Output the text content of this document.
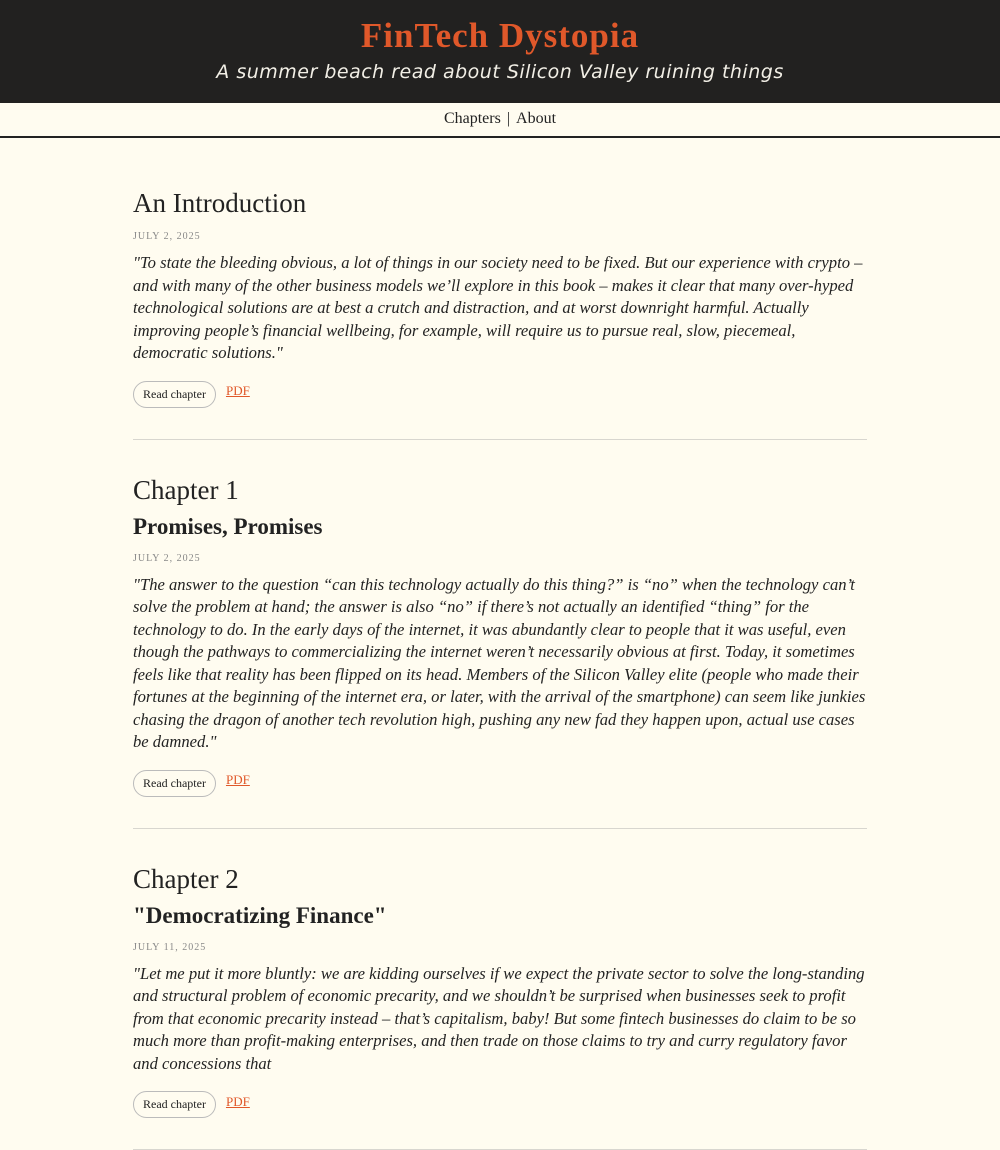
FinTech Dystopia

A summer beach read about Silicon Valley ruining things

Chapters | About
An Introduction
JULY 2, 2025

"To state the bleeding obvious, a lot of things in our society need to be fixed. But our experience with crypto – and with many of the other business models we’ll explore in this book – makes it clear that many over-hyped technological solutions are at best a crutch and distraction, and at worst downright harmful. Actually improving people’s financial wellbeing, for example, will require us to pursue real, slow, piecemeal, democratic solutions."

Read chapter	PDF
Chapter 1
Promises, Promises
JULY 2, 2025

"The answer to the question “can this technology actually do this thing?” is “no” when the technology can’t solve the problem at hand; the answer is also “no” if there’s not actually an identified “thing” for the technology to do. In the early days of the internet, it was abundantly clear to people that it was useful, even though the pathways to commercializing the internet weren’t necessarily obvious at first. Today, it sometimes feels like that reality has been flipped on its head. Members of the Silicon Valley elite (people who made their fortunes at the beginning of the internet era, or later, with the arrival of the smartphone) can seem like junkies chasing the dragon of another tech revolution high, pushing any new fad they happen upon, actual use cases be damned."

Read chapter	PDF
Chapter 2
"Democratizing Finance"
JULY 11, 2025

"Let me put it more bluntly: we are kidding ourselves if we expect the private sector to solve the long-standing and structural problem of economic precarity, and we shouldn’t be surprised when businesses seek to profit from that economic precarity instead – that’s capitalism, baby! But some fintech businesses do claim to be so much more than profit-making enterprises, and then trade on those claims to try and curry regulatory favor and concessions that

Read chapter	PDF
